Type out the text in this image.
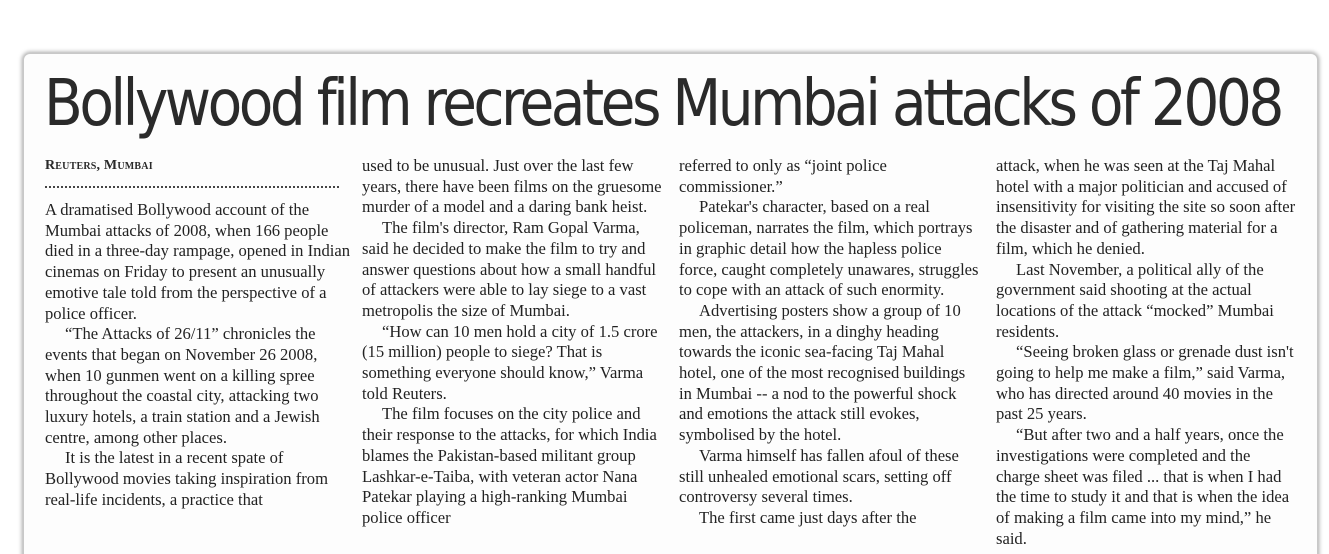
Bollywood film recreates Mumbai attacks of 2008
Reuters, Mumbai

A dramatised Bollywood account of the Mumbai attacks of 2008, when 166 people died in a three-day rampage, opened in Indian cinemas on Friday to present an unusually emotive tale told from the perspective of a police officer.

“The Attacks of 26/11” chronicles the events that began on November 26 2008, when 10 gunmen went on a killing spree throughout the coastal city, attacking two luxury hotels, a train station and a Jewish centre, among other places.

It is the latest in a recent spate of Bollywood movies taking inspiration from real-life incidents, a practice that

used to be unusual. Just over the last few years, there have been films on the gruesome murder of a model and a daring bank heist.

The film's director, Ram Gopal Varma, said he decided to make the film to try and answer questions about how a small handful of attackers were able to lay siege to a vast metropolis the size of Mumbai.

“How can 10 men hold a city of 1.5 crore (15 million) people to siege? That is something everyone should know,” Varma told Reuters.

The film focuses on the city police and their response to the attacks, for which India blames the Pakistan-based militant group Lashkar-e-Taiba, with veteran actor Nana Patekar playing a high-ranking Mumbai police officer

referred to only as “joint police commissioner.”

Patekar's character, based on a real policeman, narrates the film, which portrays in graphic detail how the hapless police force, caught completely unawares, struggles to cope with an attack of such enormity.

Advertising posters show a group of 10 men, the attackers, in a dinghy heading towards the iconic sea-facing Taj Mahal hotel, one of the most recognised buildings in Mumbai -- a nod to the powerful shock and emotions the attack still evokes, symbolised by the hotel.

Varma himself has fallen afoul of these still unhealed emotional scars, setting off controversy several times.

The first came just days after the

attack, when he was seen at the Taj Mahal hotel with a major politician and accused of insensitivity for visiting the site so soon after the disaster and of gathering material for a film, which he denied.

Last November, a political ally of the government said shooting at the actual locations of the attack “mocked” Mumbai residents.

“Seeing broken glass or grenade dust isn't going to help me make a film,” said Varma, who has directed around 40 movies in the past 25 years.

“But after two and a half years, once the investigations were completed and the charge sheet was filed ... that is when I had the time to study it and that is when the idea of making a film came into my mind,” he said.
